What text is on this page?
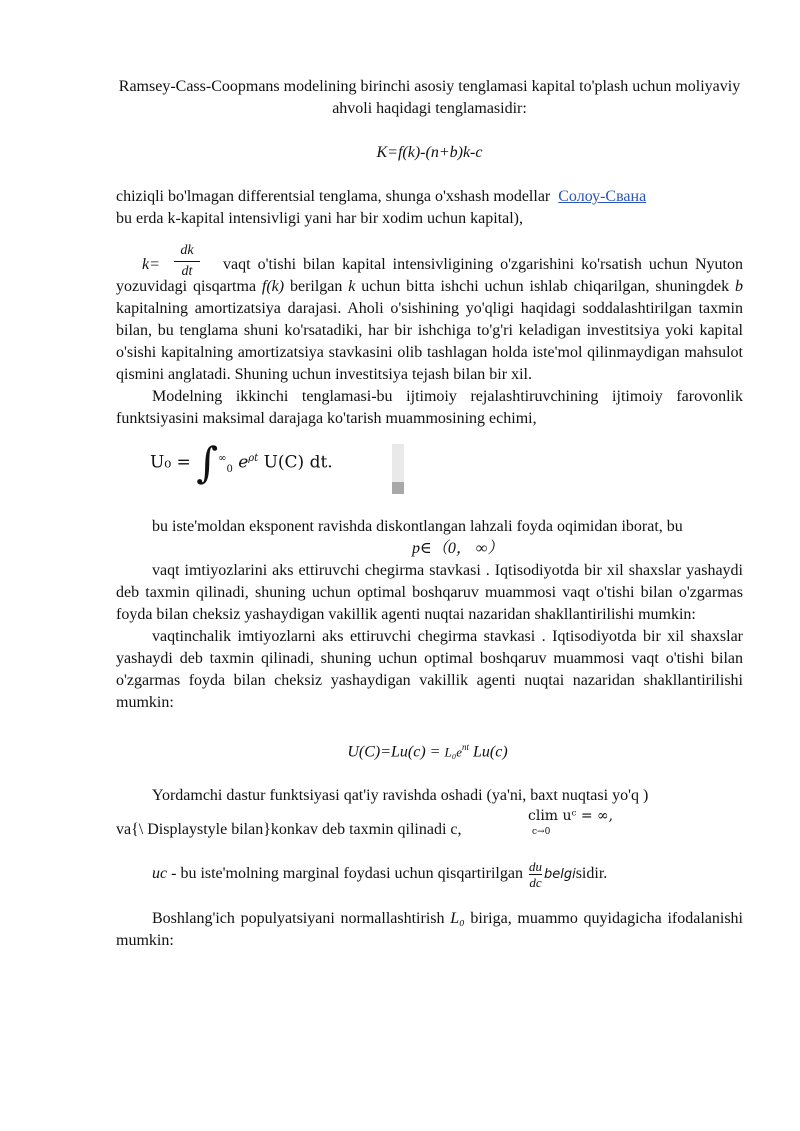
Ramsey-Cass-Coopmans modelining birinchi asosiy tenglamasi kapital to'plash uchun moliyaviy ahvoli haqidagi tenglamasidir:

K=f(k)-(n+b)k-c

chiziqli bo'lmagan differentsial tenglama, shunga o'xshash modellar Солоу-Свана
bu erda k-kapital intensivligi yani har bir xodim uchun kapital),

k=
dk
dt	vaqt o'tishi bilan kapital intensivligining o'zgarishini ko'rsatish uchun Nyuton yozuvidagi qisqartma f(k) berilgan k uchun bitta ishchi uchun ishlab chiqarilgan, shuningdek b kapitalning amortizatsiya darajasi. Aholi o'sishining yo'qligi haqidagi soddalashtirilgan taxmin bilan, bu tenglama shuni ko'rsatadiki, har bir ishchiga to'g'ri keladigan investitsiya yoki kapital o'sishi kapitalning amortizatsiya stavkasini olib tashlagan holda iste'mol qilinmaydigan mahsulot qismini anglatadi. Shuning uchun investitsiya tejash bilan bir xil.

Modelning ikkinchi tenglamasi-bu ijtimoiy rejalashtiruvchining ijtimoiy farovonlik funktsiyasini maksimal darajaga ko'tarish muammosining echimi,

$U_0 = \int^\infty_0$ $e^{\rho t}$ U(C) dt.

bu iste'moldan eksponent ravishda diskontlangan lahzali foyda oqimidan iborat, bu

p∈（0， ∞）

vaqt imtiyozlarini aks ettiruvchi chegirma stavkasi . Iqtisodiyotda bir xil shaxslar yashaydi deb taxmin qilinadi, shuning uchun optimal boshqaruv muammosi vaqt o'tishi bilan o'zgarmas foyda bilan cheksiz yashaydigan vakillik agenti nuqtai nazaridan shakllantirilishi mumkin:

vaqtinchalik imtiyozlarni aks ettiruvchi chegirma stavkasi . Iqtisodiyotda bir xil shaxslar yashaydi deb taxmin qilinadi, shuning uchun optimal boshqaruv muammosi vaqt o'tishi bilan o'zgarmas foyda bilan cheksiz yashaydigan vakillik agenti nuqtai nazaridan shakllantirilishi mumkin:

$U(C)=Lu(c) = L_0e^{nt}$ Lu(c)

Yordamchi dastur funktsiyasi qat'iy ravishda oshadi (ya'ni, baxt nuqtasi yo'q )

clim uᶜ = ∞,
c→0

va{\ Displaystyle bilan}konkav deb taxmin qilinadi c,

uc - bu iste'molning marginal foydasi uchun qisqartirilgan $\frac{du}{dc}$ belgisidir.

Boshlang'ich populyatsiyani normallashtirish L₀ biriga, muammo quyidagicha ifodalanishi mumkin:
